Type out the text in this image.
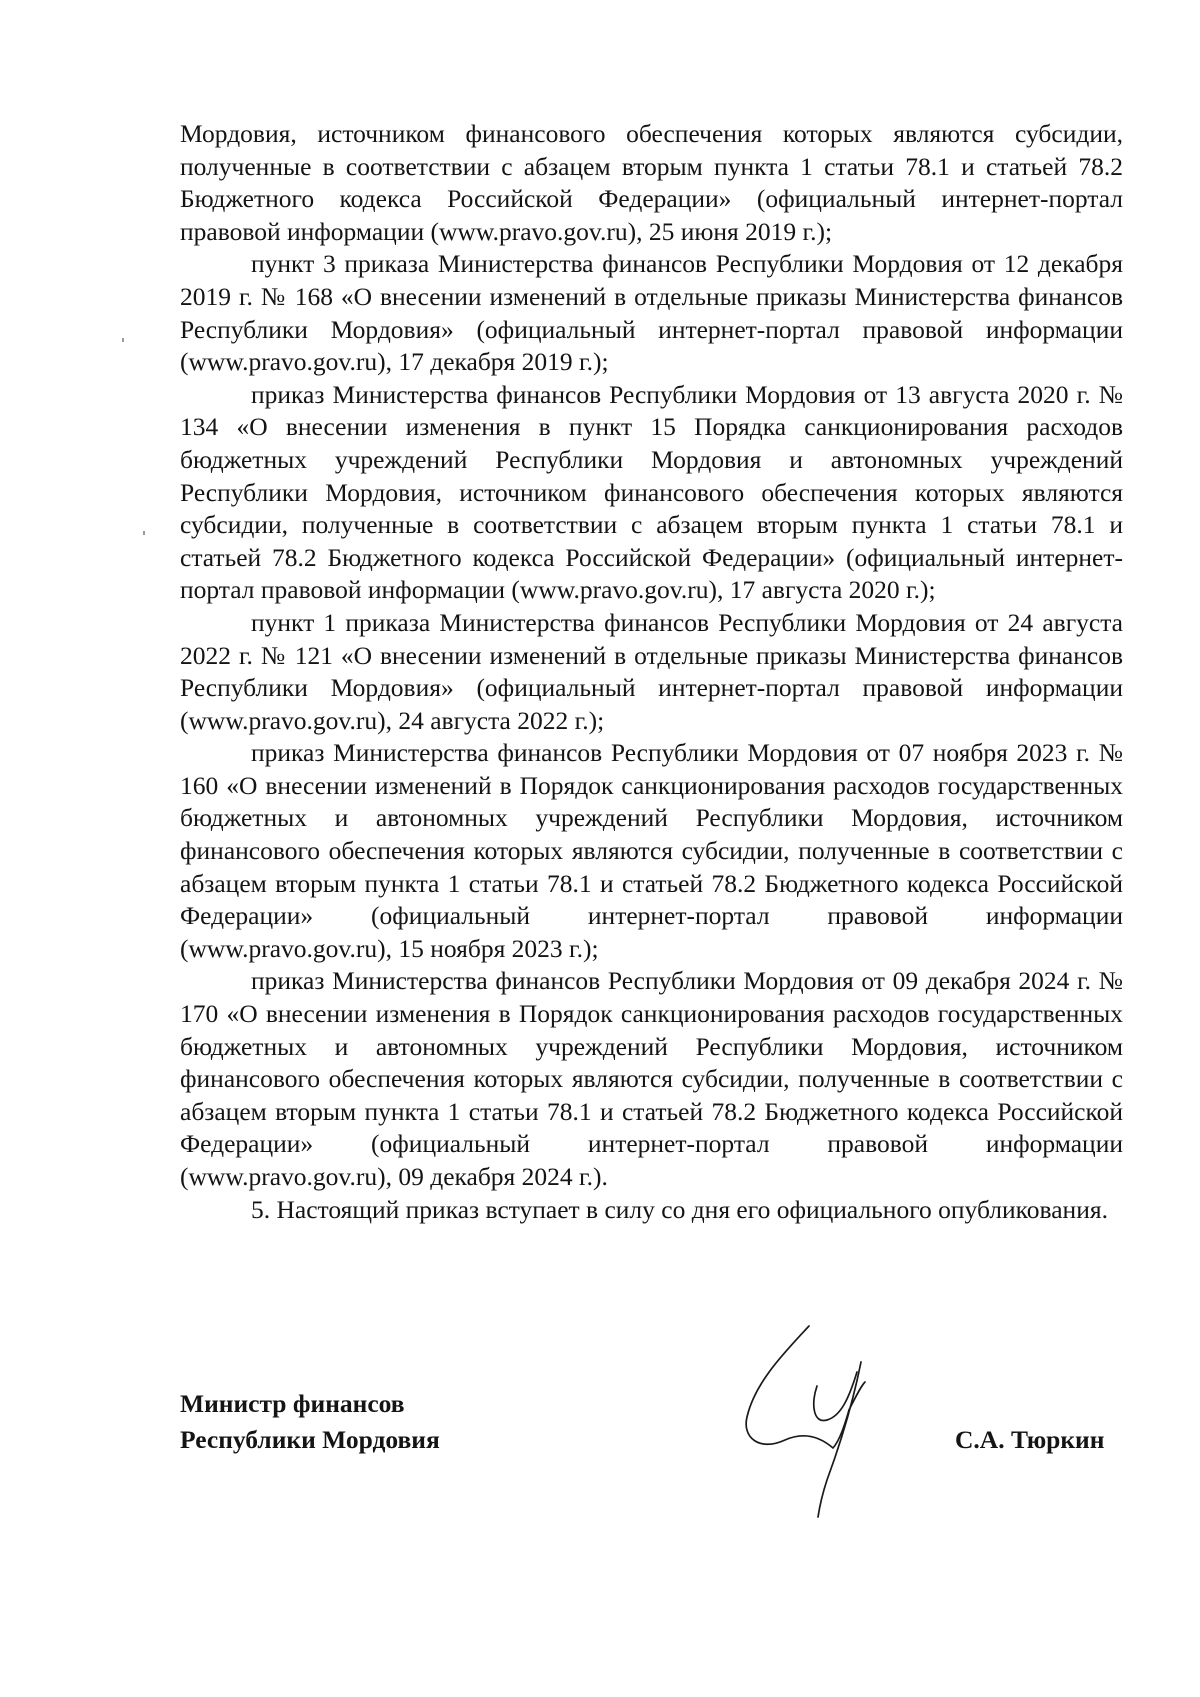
Мордовия, источником финансового обеспечения которых являются субсидии, полученные в соответствии с абзацем вторым пункта 1 статьи 78.1 и статьей 78.2 Бюджетного кодекса Российской Федерации» (официальный интернет-портал правовой информации (www.pravo.gov.ru), 25 июня 2019 г.);

пункт 3 приказа Министерства финансов Республики Мордовия от 12 декабря 2019 г. № 168 «О внесении изменений в отдельные приказы Министерства финансов Республики Мордовия» (официальный интернет-портал правовой информации (www.pravo.gov.ru), 17 декабря 2019 г.);

приказ Министерства финансов Республики Мордовия от 13 августа 2020 г. № 134 «О внесении изменения в пункт 15 Порядка санкционирования расходов бюджетных учреждений Республики Мордовия и автономных учреждений Республики Мордовия, источником финансового обеспечения которых являются субсидии, полученные в соответствии с абзацем вторым пункта 1 статьи 78.1 и статьей 78.2 Бюджетного кодекса Российской Федерации» (официальный интернет-портал правовой информации (www.pravo.gov.ru), 17 августа 2020 г.);

пункт 1 приказа Министерства финансов Республики Мордовия от 24 августа 2022 г. № 121 «О внесении изменений в отдельные приказы Министерства финансов Республики Мордовия» (официальный интернет-портал правовой информации (www.pravo.gov.ru), 24 августа 2022 г.);

приказ Министерства финансов Республики Мордовия от 07 ноября 2023 г. № 160 «О внесении изменений в Порядок санкционирования расходов государственных бюджетных и автономных учреждений Республики Мордовия, источником финансового обеспечения которых являются субсидии, полученные в соответствии с абзацем вторым пункта 1 статьи 78.1 и статьей 78.2 Бюджетного кодекса Российской Федерации» (официальный интернет-портал правовой информации (www.pravo.gov.ru), 15 ноября 2023 г.);

приказ Министерства финансов Республики Мордовия от 09 декабря 2024 г. № 170 «О внесении изменения в Порядок санкционирования расходов государственных бюджетных и автономных учреждений Республики Мордовия, источником финансового обеспечения которых являются субсидии, полученные в соответствии с абзацем вторым пункта 1 статьи 78.1 и статьей 78.2 Бюджетного кодекса Российской Федерации» (официальный интернет-портал правовой информации (www.pravo.gov.ru), 09 декабря 2024 г.).

5. Настоящий приказ вступает в силу со дня его официального опубликования.

Министр финансов
Республики Мордовия	С.А. Тюркин
